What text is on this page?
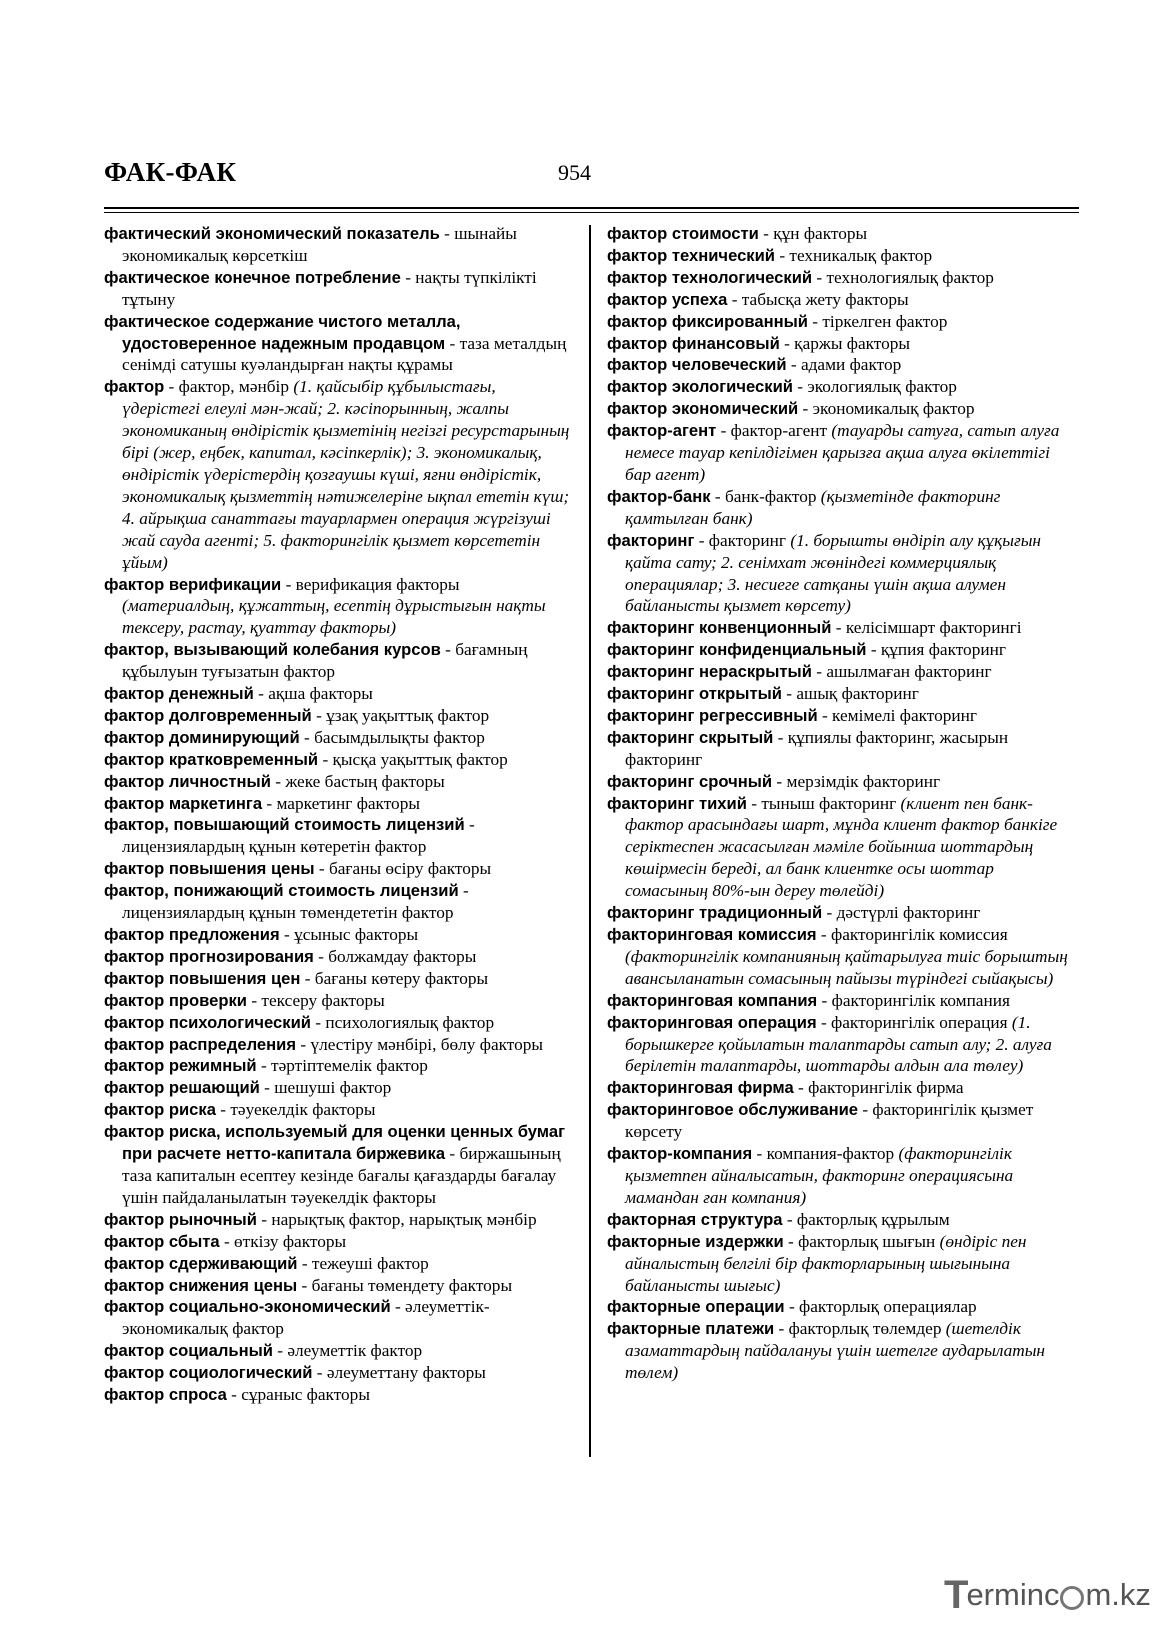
ФАК-ФАК	954

фактический экономический показатель - шынайы экономикалық көрсеткіш

фактическое конечное потребление - нақты түпкілікті тұтыну

фактическое содержание чистого металла, удостоверенное надежным продавцом - таза металдың сенімді сатушы куәландырған нақты құрамы

фактор - фактор, мәнбір (1. қайсыбір құбылыстағы, үдерістегі елеулі мән-жай; 2. кәсіпорынның, жалпы экономиканың өндірістік қызметінің негізгі ресурстарының бірі (жер, еңбек, капитал, кәсіпкерлік); 3. экономикалық, өндірістік үдерістердің қозғаушы күші, яғни өндірістік, экономикалық қызметтің нәтижелеріне ықпал ететін күш; 4. айрықша санаттағы тауарлармен операция жүргізуші жай сауда агенті; 5. факторингілік қызмет көрсететін ұйым)

фактор верификации - верификация факторы (материалдың, құжаттың, есептің дұрыстығын нақты тексеру, растау, қуаттау факторы)

фактор, вызывающий колебания курсов - бағамның құбылуын туғызатын фактор

фактор денежный - ақша факторы

фактор долговременный - ұзақ уақыттық фактор

фактор доминирующий - басымдылықты фактор

фактор кратковременный - қысқа уақыттық фактор

фактор личностный - жеке бастың факторы

фактор маркетинга - маркетинг факторы

фактор, повышающий стоимость лицензий - лицензиялардың құнын көтеретін фактор

фактор повышения цены - бағаны өсіру факторы

фактор, понижающий стоимость лицензий - лицензиялардың құнын төмендететін фактор

фактор предложения - ұсыныс факторы

фактор прогнозирования - болжамдау факторы

фактор повышения цен - бағаны көтеру факторы

фактор проверки - тексеру факторы

фактор психологический - психологиялық фактор

фактор распределения - үлестіру мәнбірі, бөлу факторы

фактор режимный - тәртіптемелік фактор

фактор решающий - шешуші фактор

фактор риска - тәуекелдік факторы

фактор риска, используемый для оценки ценных бумаг при расчете нетто-капитала биржевика - биржашының таза капиталын есептеу кезінде бағалы қағаздарды бағалау үшін пайдаланылатын тәуекелдік факторы

фактор рыночный - нарықтық фактор, нарықтық мәнбір

фактор сбыта - өткізу факторы

фактор сдерживающий - тежеуші фактор

фактор снижения цены - бағаны төмендету факторы

фактор социально-экономический - әлеуметтік-экономикалық фактор

фактор социальный - әлеуметтік фактор

фактор социологический - әлеуметтану факторы

фактор спроса - сұраныс факторы

фактор стоимости - құн факторы

фактор технический - техникалық фактор

фактор технологический - технологиялық фактор

фактор успеха - табысқа жету факторы

фактор фиксированный - тіркелген фактор

фактор финансовый - қаржы факторы

фактор человеческий - адами фактор

фактор экологический - экологиялық фактор

фактор экономический - экономикалық фактор

фактор-агент - фактор-агент (тауарды сатуға, сатып алуға немесе тауар кепілдігімен қарызға ақша алуға өкілеттігі бар агент)

фактор-банк - банк-фактор (қызметінде факторинг қамтылған банк)

факторинг - факторинг (1. борышты өндіріп алу құқығын қайта сату; 2. сенімхат жөніндегі коммерциялық операциялар; 3. несиеге сатқаны үшін ақша алумен байланысты қызмет көрсету)

факторинг конвенционный - келісімшарт факторингі

факторинг конфиденциальный - құпия факторинг

факторинг нераскрытый - ашылмаған факторинг

факторинг открытый - ашық факторинг

факторинг регрессивный - кемімелі факторинг

факторинг скрытый - құпиялы факторинг, жасырын факторинг

факторинг срочный - мерзімдік факторинг

факторинг тихий - тыныш факторинг (клиент пен банк-фактор арасындағы шарт, мұнда клиент фактор банкіге серіктеспен жасасылған мәміле бойынша шоттардың көшірмесін береді, ал банк клиентке осы шоттар сомасының 80%-ын дереу төлейді)

факторинг традиционный - дәстүрлі факторинг

факторинговая комиссия - факторингілік комиссия (факторингілік компанияның қайтарылуға тиіс борыштың авансыланатын сомасының пайызы түріндегі сыйақысы)

факторинговая компания - факторингілік компания

факторинговая операция - факторингілік операция (1. борышкерге қойылатын талаптарды сатып алу; 2. алуға берілетін талаптарды, шоттарды алдын ала төлеу)

факторинговая фирма - факторингілік фирма

факторинговое обслуживание - факторингілік қызмет көрсету

фактор-компания - компания-фактор (факторингілік қызметпен айналысатын, факторинг операциясына мамандан ған компания)

факторная структура - факторлық құрылым

факторные издержки - факторлық шығын (өндіріс пен айналыстың белгілі бір факторларының шығынына байланысты шығыс)

факторные операции - факторлық операциялар

факторные платежи - факторлық төлемдер (шетелдік азаматтардың пайдалануы үшін шетелге аударылатын төлем)

T
erminc m.kz
